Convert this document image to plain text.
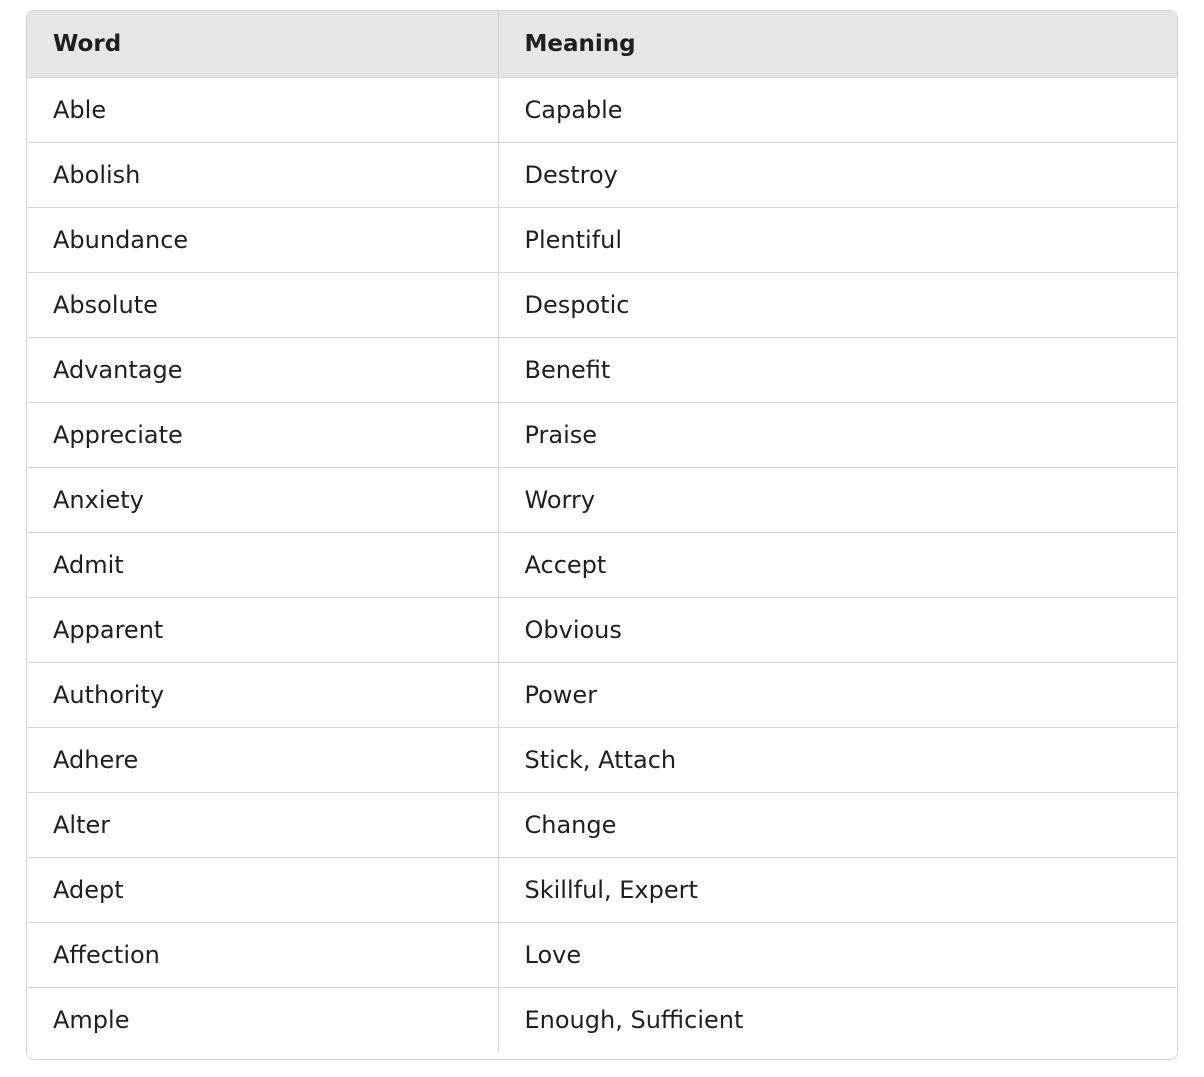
Word	Meaning
Able	Capable
Abolish	Destroy
Abundance	Plentiful
Absolute	Despotic
Advantage	Benefit
Appreciate	Praise
Anxiety	Worry
Admit	Accept
Apparent	Obvious
Authority	Power
Adhere	Stick, Attach
Alter	Change
Adept	Skillful, Expert
Affection	Love
Ample	Enough, Sufficient
